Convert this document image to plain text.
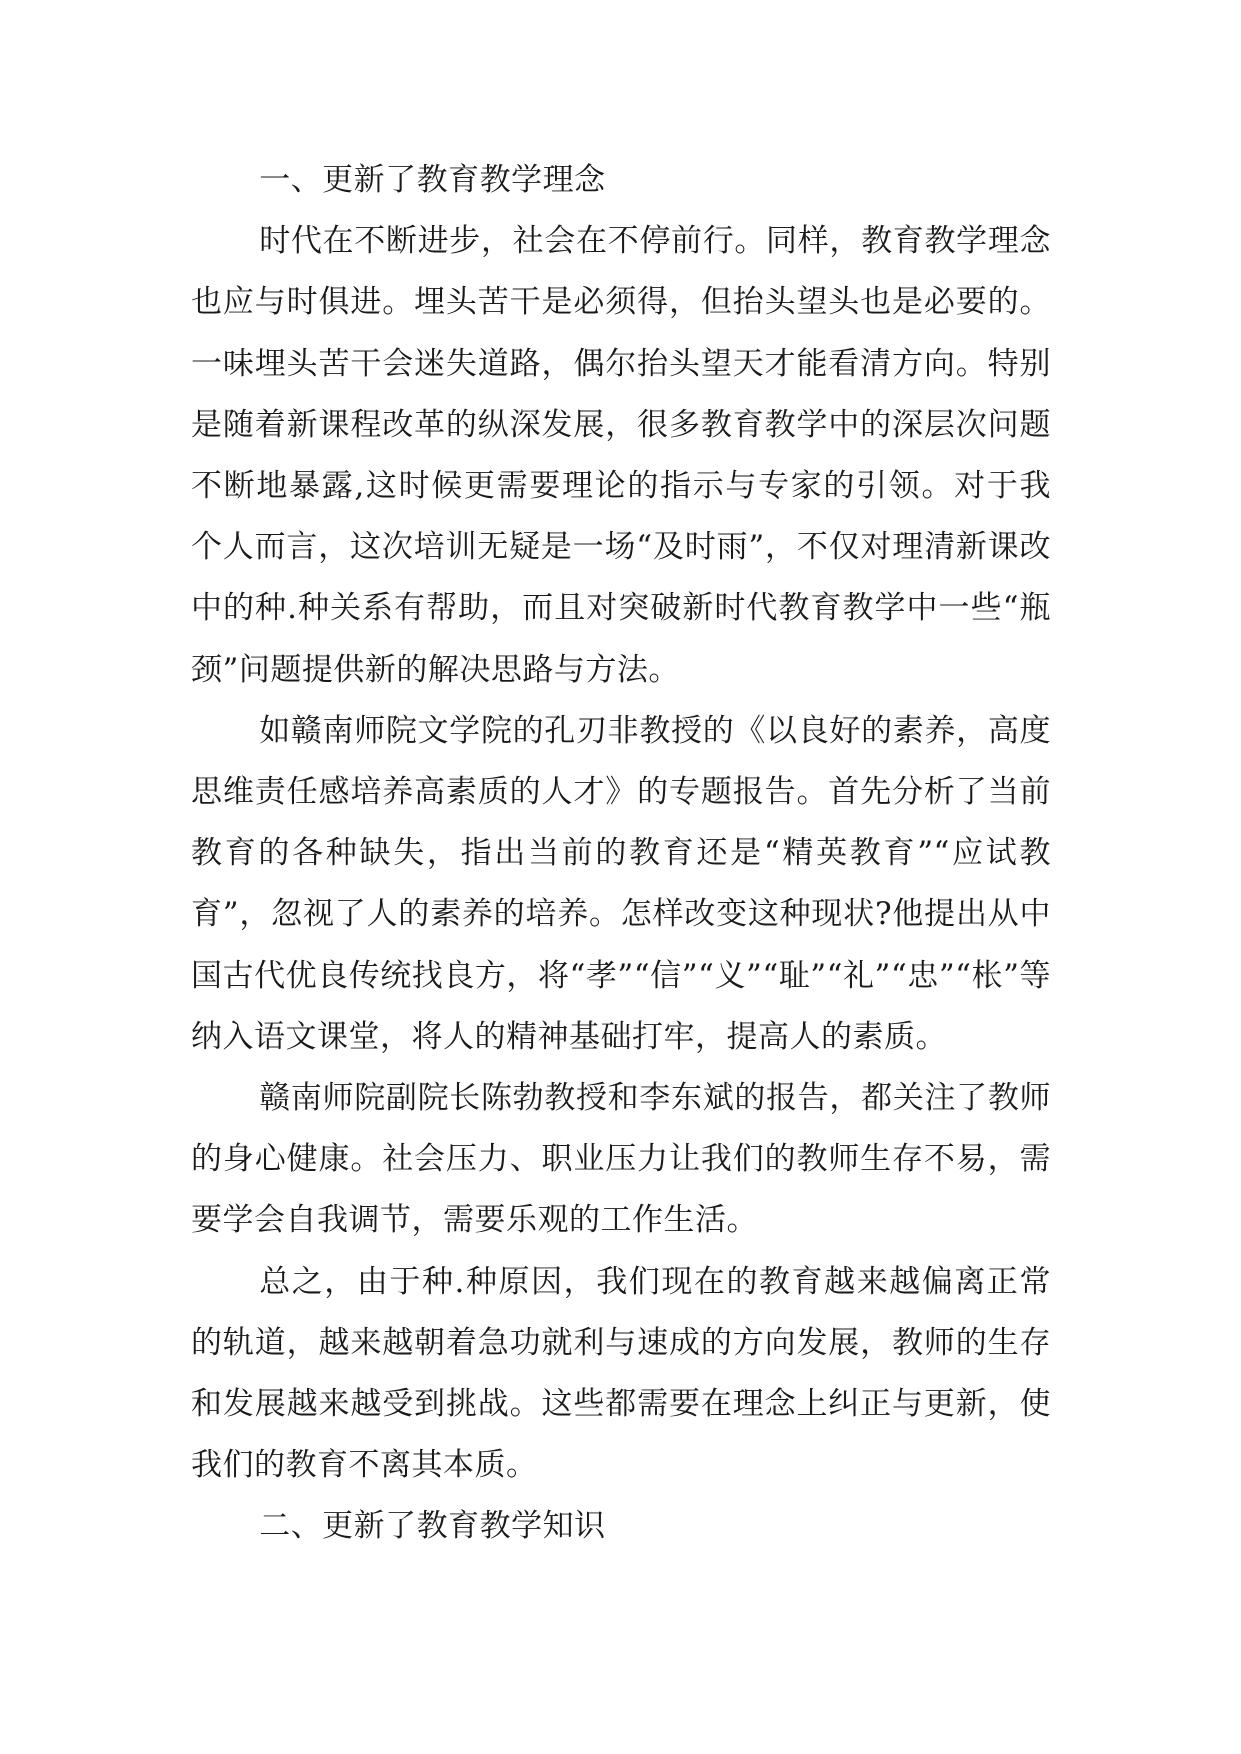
一、更新了教育教学理念

时代在不断进步，社会在不停前行。同样，教育教学理念也应与时俱进。埋头苦干是必须得，但抬头望头也是必要的。一味埋头苦干会迷失道路，偶尔抬头望天才能看清方向。特别是随着新课程改革的纵深发展，很多教育教学中的深层次问题不断地暴露,这时候更需要理论的指示与专家的引领。对于我个人而言，这次培训无疑是一场“及时雨”，不仅对理清新课改中的种.种关系有帮助，而且对突破新时代教育教学中一些“瓶颈”问题提供新的解决思路与方法。

如赣南师院文学院的孔刃非教授的《以良好的素养，高度思维责任感培养高素质的人才》的专题报告。首先分析了当前教育的各种缺失，指出当前的教育还是“精英教育”“应试教育”，忽视了人的素养的培养。怎样改变这种现状?他提出从中国古代优良传统找良方，将“孝”“信”“义”“耻”“礼”“忠”“枨”等纳入语文课堂，将人的精神基础打牢，提高人的素质。

赣南师院副院长陈勃教授和李东斌的报告，都关注了教师的身心健康。社会压力、职业压力让我们的教师生存不易，需要学会自我调节，需要乐观的工作生活。

总之，由于种.种原因，我们现在的教育越来越偏离正常的轨道，越来越朝着急功就利与速成的方向发展，教师的生存和发展越来越受到挑战。这些都需要在理念上纠正与更新，使我们的教育不离其本质。

二、更新了教育教学知识
